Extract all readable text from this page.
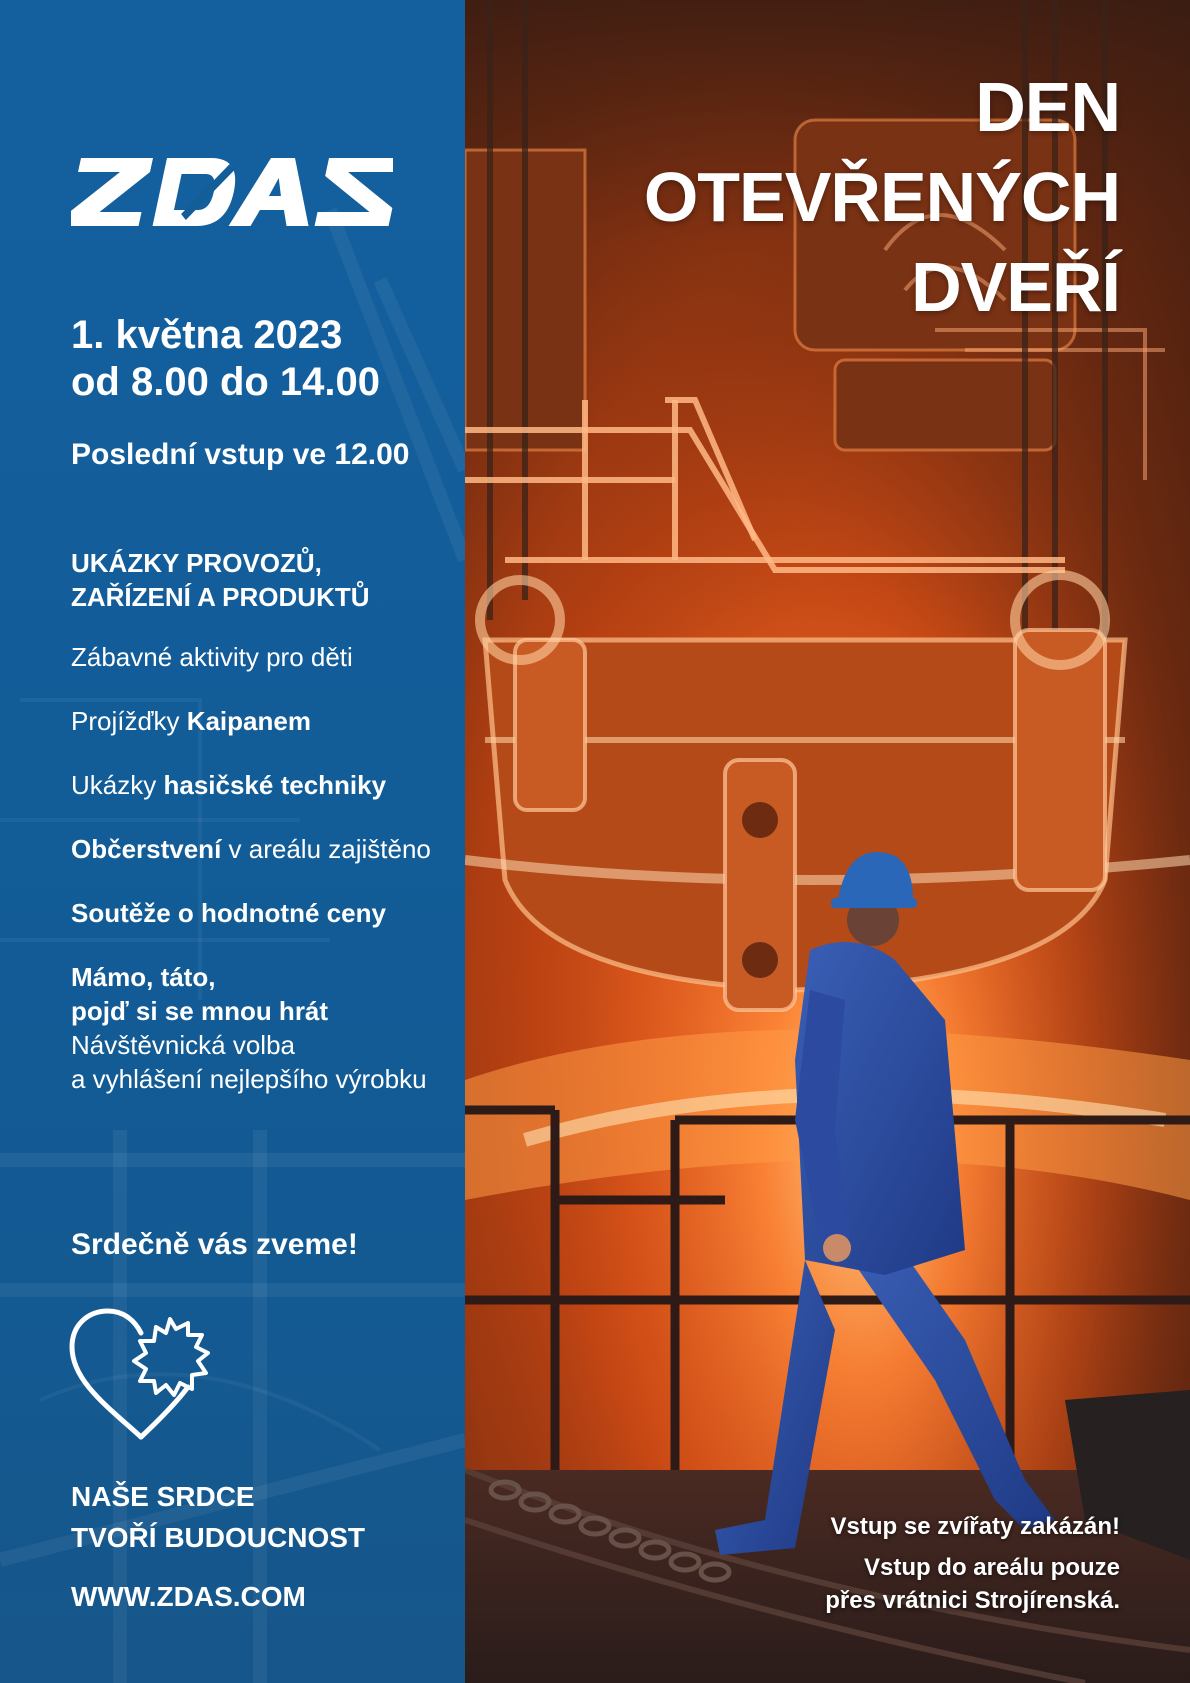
1. května 2023
od 8.00 do 14.00
Poslední vstup ve 12.00
UKÁZKY PROVOZŮ,
ZAŘÍZENÍ A PRODUKTŮ
Zábavné aktivity pro děti
Projížďky Kaipanem
Ukázky hasičské techniky
Občerstvení v areálu zajištěno
Soutěže o hodnotné ceny
Mámo, táto,
pojď si se mnou hrát
Návštěvnická volba
a vyhlášení nejlepšího výrobku
Srdečně vás zveme!
NAŠE SRDCE
TVOŘÍ BUDOUCNOST
WWW.ZDAS.COM
DEN
OTEVŘENÝCH
DVEŘÍ
Vstup se zvířaty zakázán!
Vstup do areálu pouze
přes vrátnici Strojírenská.
